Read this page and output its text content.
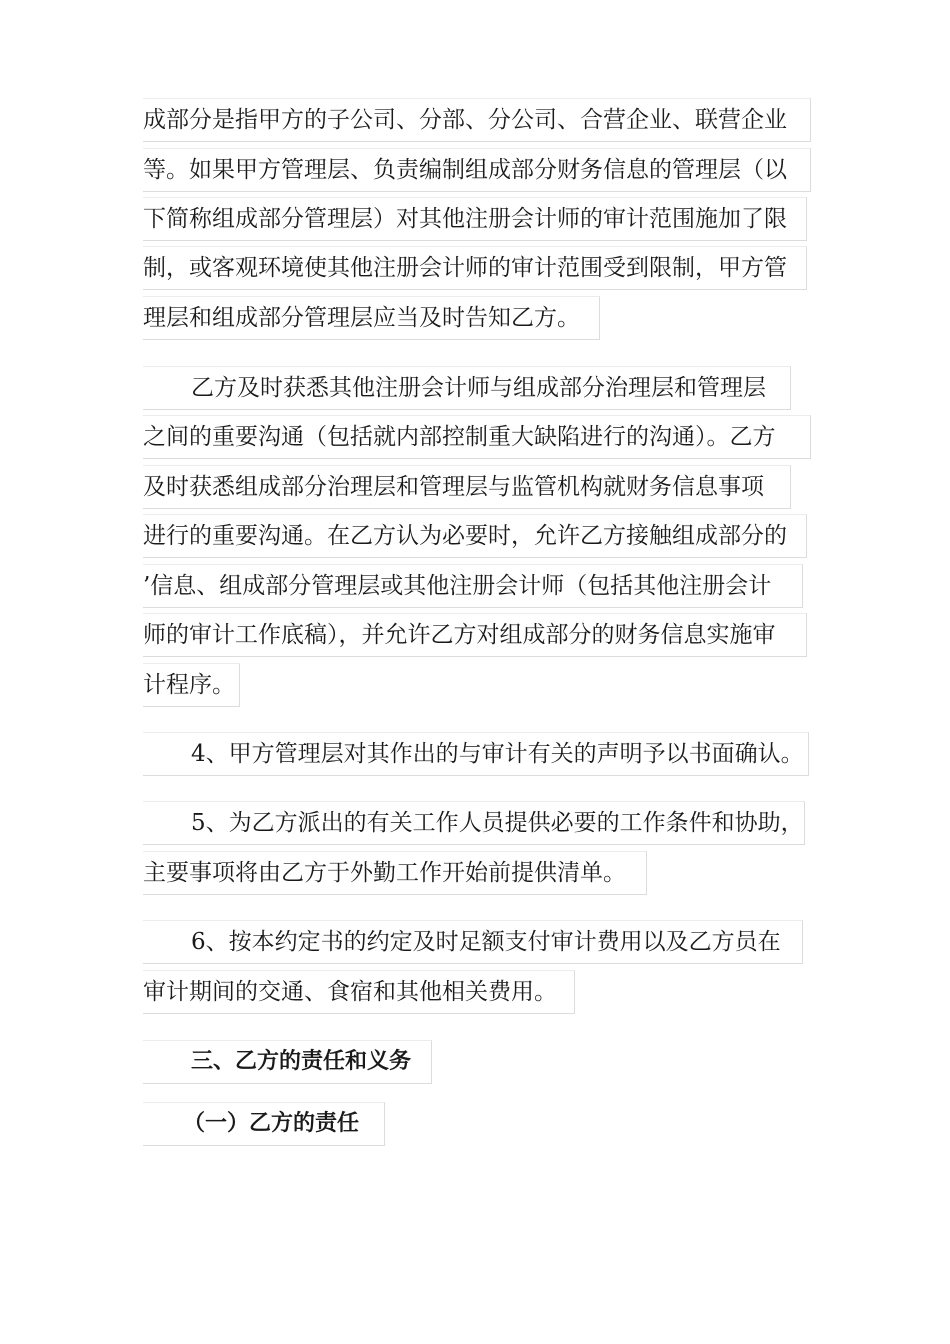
成部分是指甲方的子公司、分部、分公司、合营企业、联营企业
等。如果甲方管理层、负责编制组成部分财务信息的管理层（以
下简称组成部分管理层）对其他注册会计师的审计范围施加了限
制，或客观环境使其他注册会计师的审计范围受到限制，甲方管
理层和组成部分管理层应当及时告知乙方。
乙方及时获悉其他注册会计师与组成部分治理层和管理层
之间的重要沟通（包括就内部控制重大缺陷进行的沟通）。乙方
及时获悉组成部分治理层和管理层与监管机构就财务信息事项
进行的重要沟通。在乙方认为必要时，允许乙方接触组成部分的
’信息、组成部分管理层或其他注册会计师（包括其他注册会计
师的审计工作底稿），并允许乙方对组成部分的财务信息实施审
计程序。
4、甲方管理层对其作出的与审计有关的声明予以书面确认。
5、为乙方派出的有关工作人员提供必要的工作条件和协助，
主要事项将由乙方于外勤工作开始前提供清单。
6、按本约定书的约定及时足额支付审计费用以及乙方员在
审计期间的交通、食宿和其他相关费用。
三、乙方的责任和义务
（一）乙方的责任
